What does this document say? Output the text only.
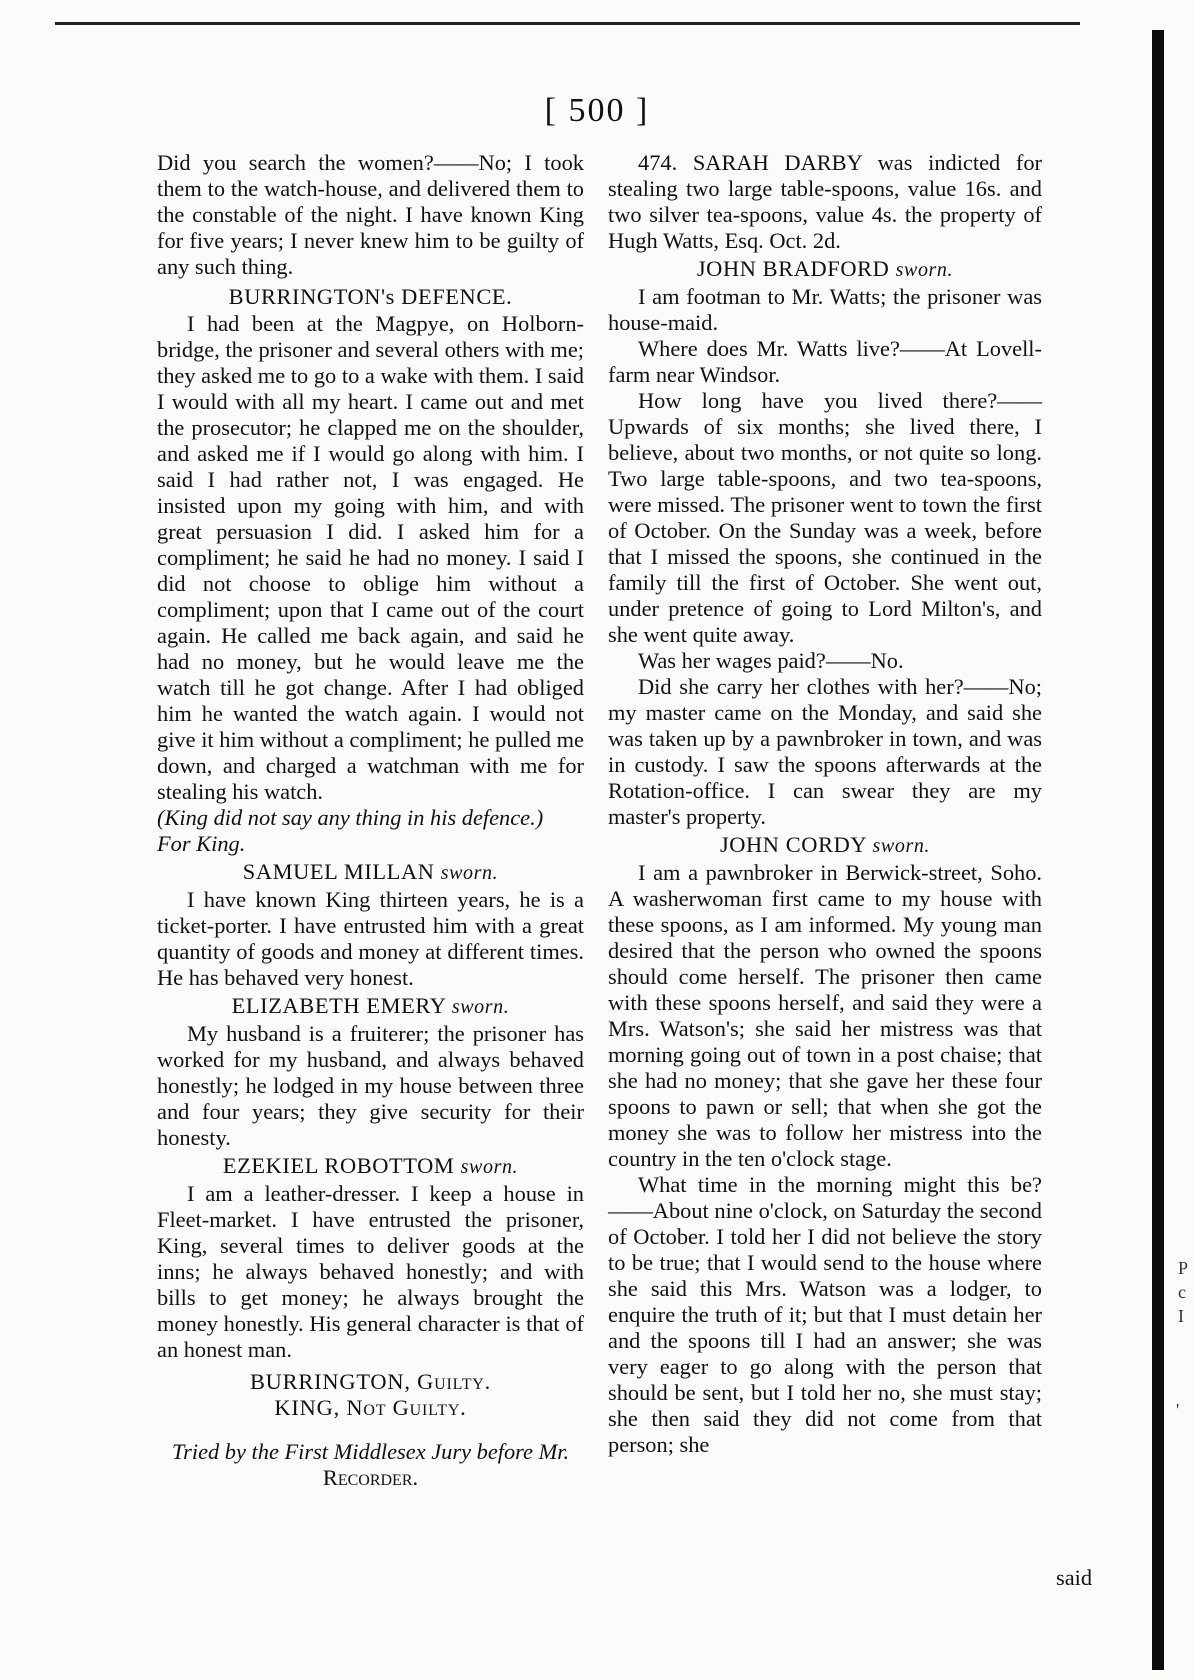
[ 500 ]

Did you search the women?——No; I took them to the watch-house, and delivered them to the constable of the night. I have known King for five years; I never knew him to be guilty of any such thing.

BURRINGTON's DEFENCE.

I had been at the Magpye, on Holborn-bridge, the prisoner and several others with me; they asked me to go to a wake with them. I said I would with all my heart. I came out and met the prosecutor; he clapped me on the shoulder, and asked me if I would go along with him. I said I had rather not, I was engaged. He insisted upon my going with him, and with great persuasion I did. I asked him for a compliment; he said he had no money. I said I did not choose to oblige him without a compliment; upon that I came out of the court again. He called me back again, and said he had no money, but he would leave me the watch till he got change. After I had obliged him he wanted the watch again. I would not give it him without a compliment; he pulled me down, and charged a watchman with me for stealing his watch.

(King did not say any thing in his defence.)

For King.

SAMUEL MILLAN sworn.

I have known King thirteen years, he is a ticket-porter. I have entrusted him with a great quantity of goods and money at different times. He has behaved very honest.

ELIZABETH EMERY sworn.

My husband is a fruiterer; the prisoner has worked for my husband, and always behaved honestly; he lodged in my house between three and four years; they give security for their honesty.

EZEKIEL ROBOTTOM sworn.

I am a leather-dresser. I keep a house in Fleet-market. I have entrusted the prisoner, King, several times to deliver goods at the inns; he always behaved honestly; and with bills to get money; he always brought the money honestly. His general character is that of an honest man.

BURRINGTON, Guilty.
KING, Not Guilty.
Tried by the First Middlesex Jury before Mr.
Recorder.

474. SARAH DARBY was indicted for stealing two large table-spoons, value 16s. and two silver tea-spoons, value 4s. the property of Hugh Watts, Esq. Oct. 2d.

JOHN BRADFORD sworn.

I am footman to Mr. Watts; the prisoner was house-maid.

Where does Mr. Watts live?——At Lovell-farm near Windsor.

How long have you lived there?——Upwards of six months; she lived there, I believe, about two months, or not quite so long. Two large table-spoons, and two tea-spoons, were missed. The prisoner went to town the first of October. On the Sunday was a week, before that I missed the spoons, she continued in the family till the first of October. She went out, under pretence of going to Lord Milton's, and she went quite away.

Was her wages paid?——No.

Did she carry her clothes with her?——No; my master came on the Monday, and said she was taken up by a pawnbroker in town, and was in custody. I saw the spoons afterwards at the Rotation-office. I can swear they are my master's property.

JOHN CORDY sworn.

I am a pawnbroker in Berwick-street, Soho. A washerwoman first came to my house with these spoons, as I am informed. My young man desired that the person who owned the spoons should come herself. The prisoner then came with these spoons herself, and said they were a Mrs. Watson's; she said her mistress was that morning going out of town in a post chaise; that she had no money; that she gave her these four spoons to pawn or sell; that when she got the money she was to follow her mistress into the country in the ten o'clock stage.

What time in the morning might this be?——About nine o'clock, on Saturday the second of October. I told her I did not believe the story to be true; that I would send to the house where she said this Mrs. Watson was a lodger, to enquire the truth of it; but that I must detain her and the spoons till I had an answer; she was very eager to go along with the person that should be sent, but I told her no, she must stay; she then said they did not come from that person; she

said
P
c
I
'
